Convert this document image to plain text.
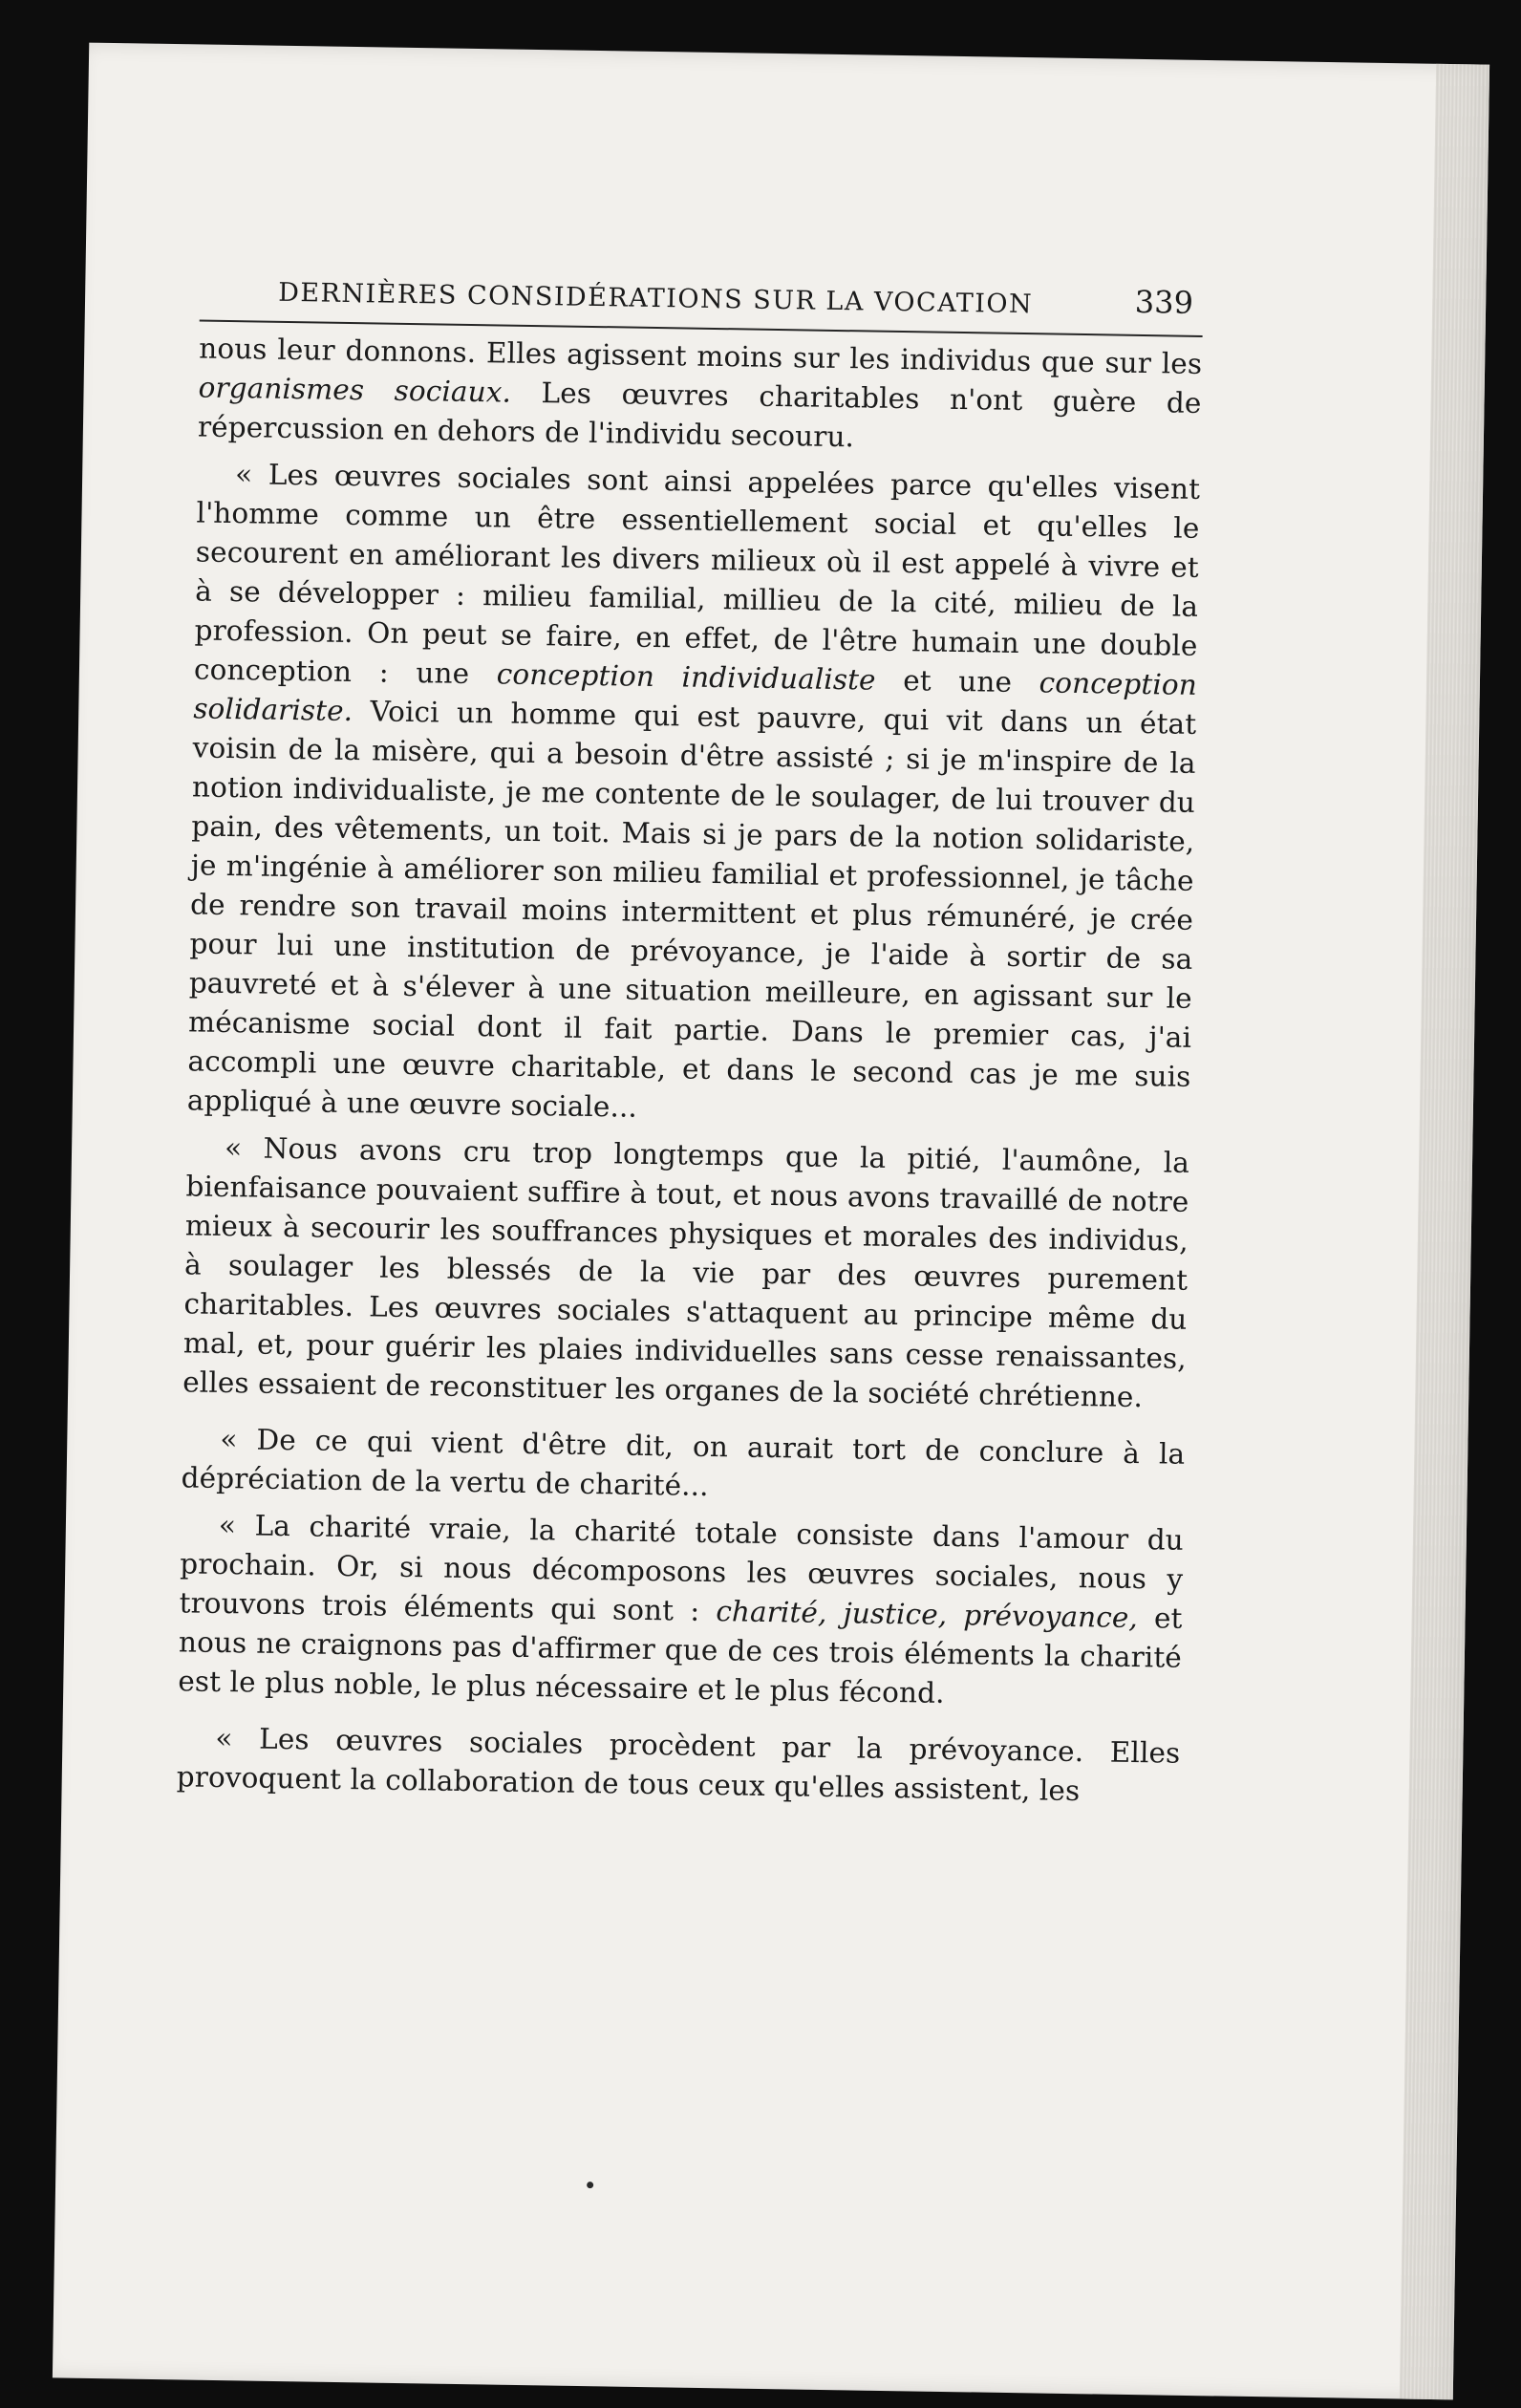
DERNIÈRES CONSIDÉRATIONS SUR LA VOCATION	339

nous leur donnons. Elles agissent moins sur les individus que sur les organismes sociaux. Les œuvres charitables n'ont guère de répercussion en dehors de l'individu secouru.

« Les œuvres sociales sont ainsi appelées parce qu'elles visent l'homme comme un être essentiellement social et qu'elles le secourent en améliorant les divers milieux où il est appelé à vivre et à se développer : milieu familial, millieu de la cité, milieu de la profession. On peut se faire, en effet, de l'être humain une double conception : une conception individualiste et une conception solidariste. Voici un homme qui est pauvre, qui vit dans un état voisin de la misère, qui a besoin d'être assisté ; si je m'inspire de la notion individualiste, je me contente de le soulager, de lui trouver du pain, des vêtements, un toit. Mais si je pars de la notion solidariste, je m'ingénie à améliorer son milieu familial et professionnel, je tâche de rendre son travail moins intermittent et plus rémunéré, je crée pour lui une institution de prévoyance, je l'aide à sortir de sa pauvreté et à s'élever à une situation meilleure, en agissant sur le mécanisme social dont il fait partie. Dans le premier cas, j'ai accompli une œuvre charitable, et dans le second cas je me suis appliqué à une œuvre sociale...

« Nous avons cru trop longtemps que la pitié, l'aumône, la bienfaisance pouvaient suffire à tout, et nous avons travaillé de notre mieux à secourir les souffrances physiques et morales des individus, à soulager les blessés de la vie par des œuvres purement charitables. Les œuvres sociales s'attaquent au principe même du mal, et, pour guérir les plaies individuelles sans cesse renaissantes, elles essaient de reconstituer les organes de la société chrétienne.

« De ce qui vient d'être dit, on aurait tort de conclure à la dépréciation de la vertu de charité...

« La charité vraie, la charité totale consiste dans l'amour du prochain. Or, si nous décomposons les œuvres sociales, nous y trouvons trois éléments qui sont : charité, justice, prévoyance, et nous ne craignons pas d'affirmer que de ces trois éléments la charité est le plus noble, le plus nécessaire et le plus fécond.

« Les œuvres sociales procèdent par la prévoyance. Elles provoquent la collaboration de tous ceux qu'elles assistent, les
